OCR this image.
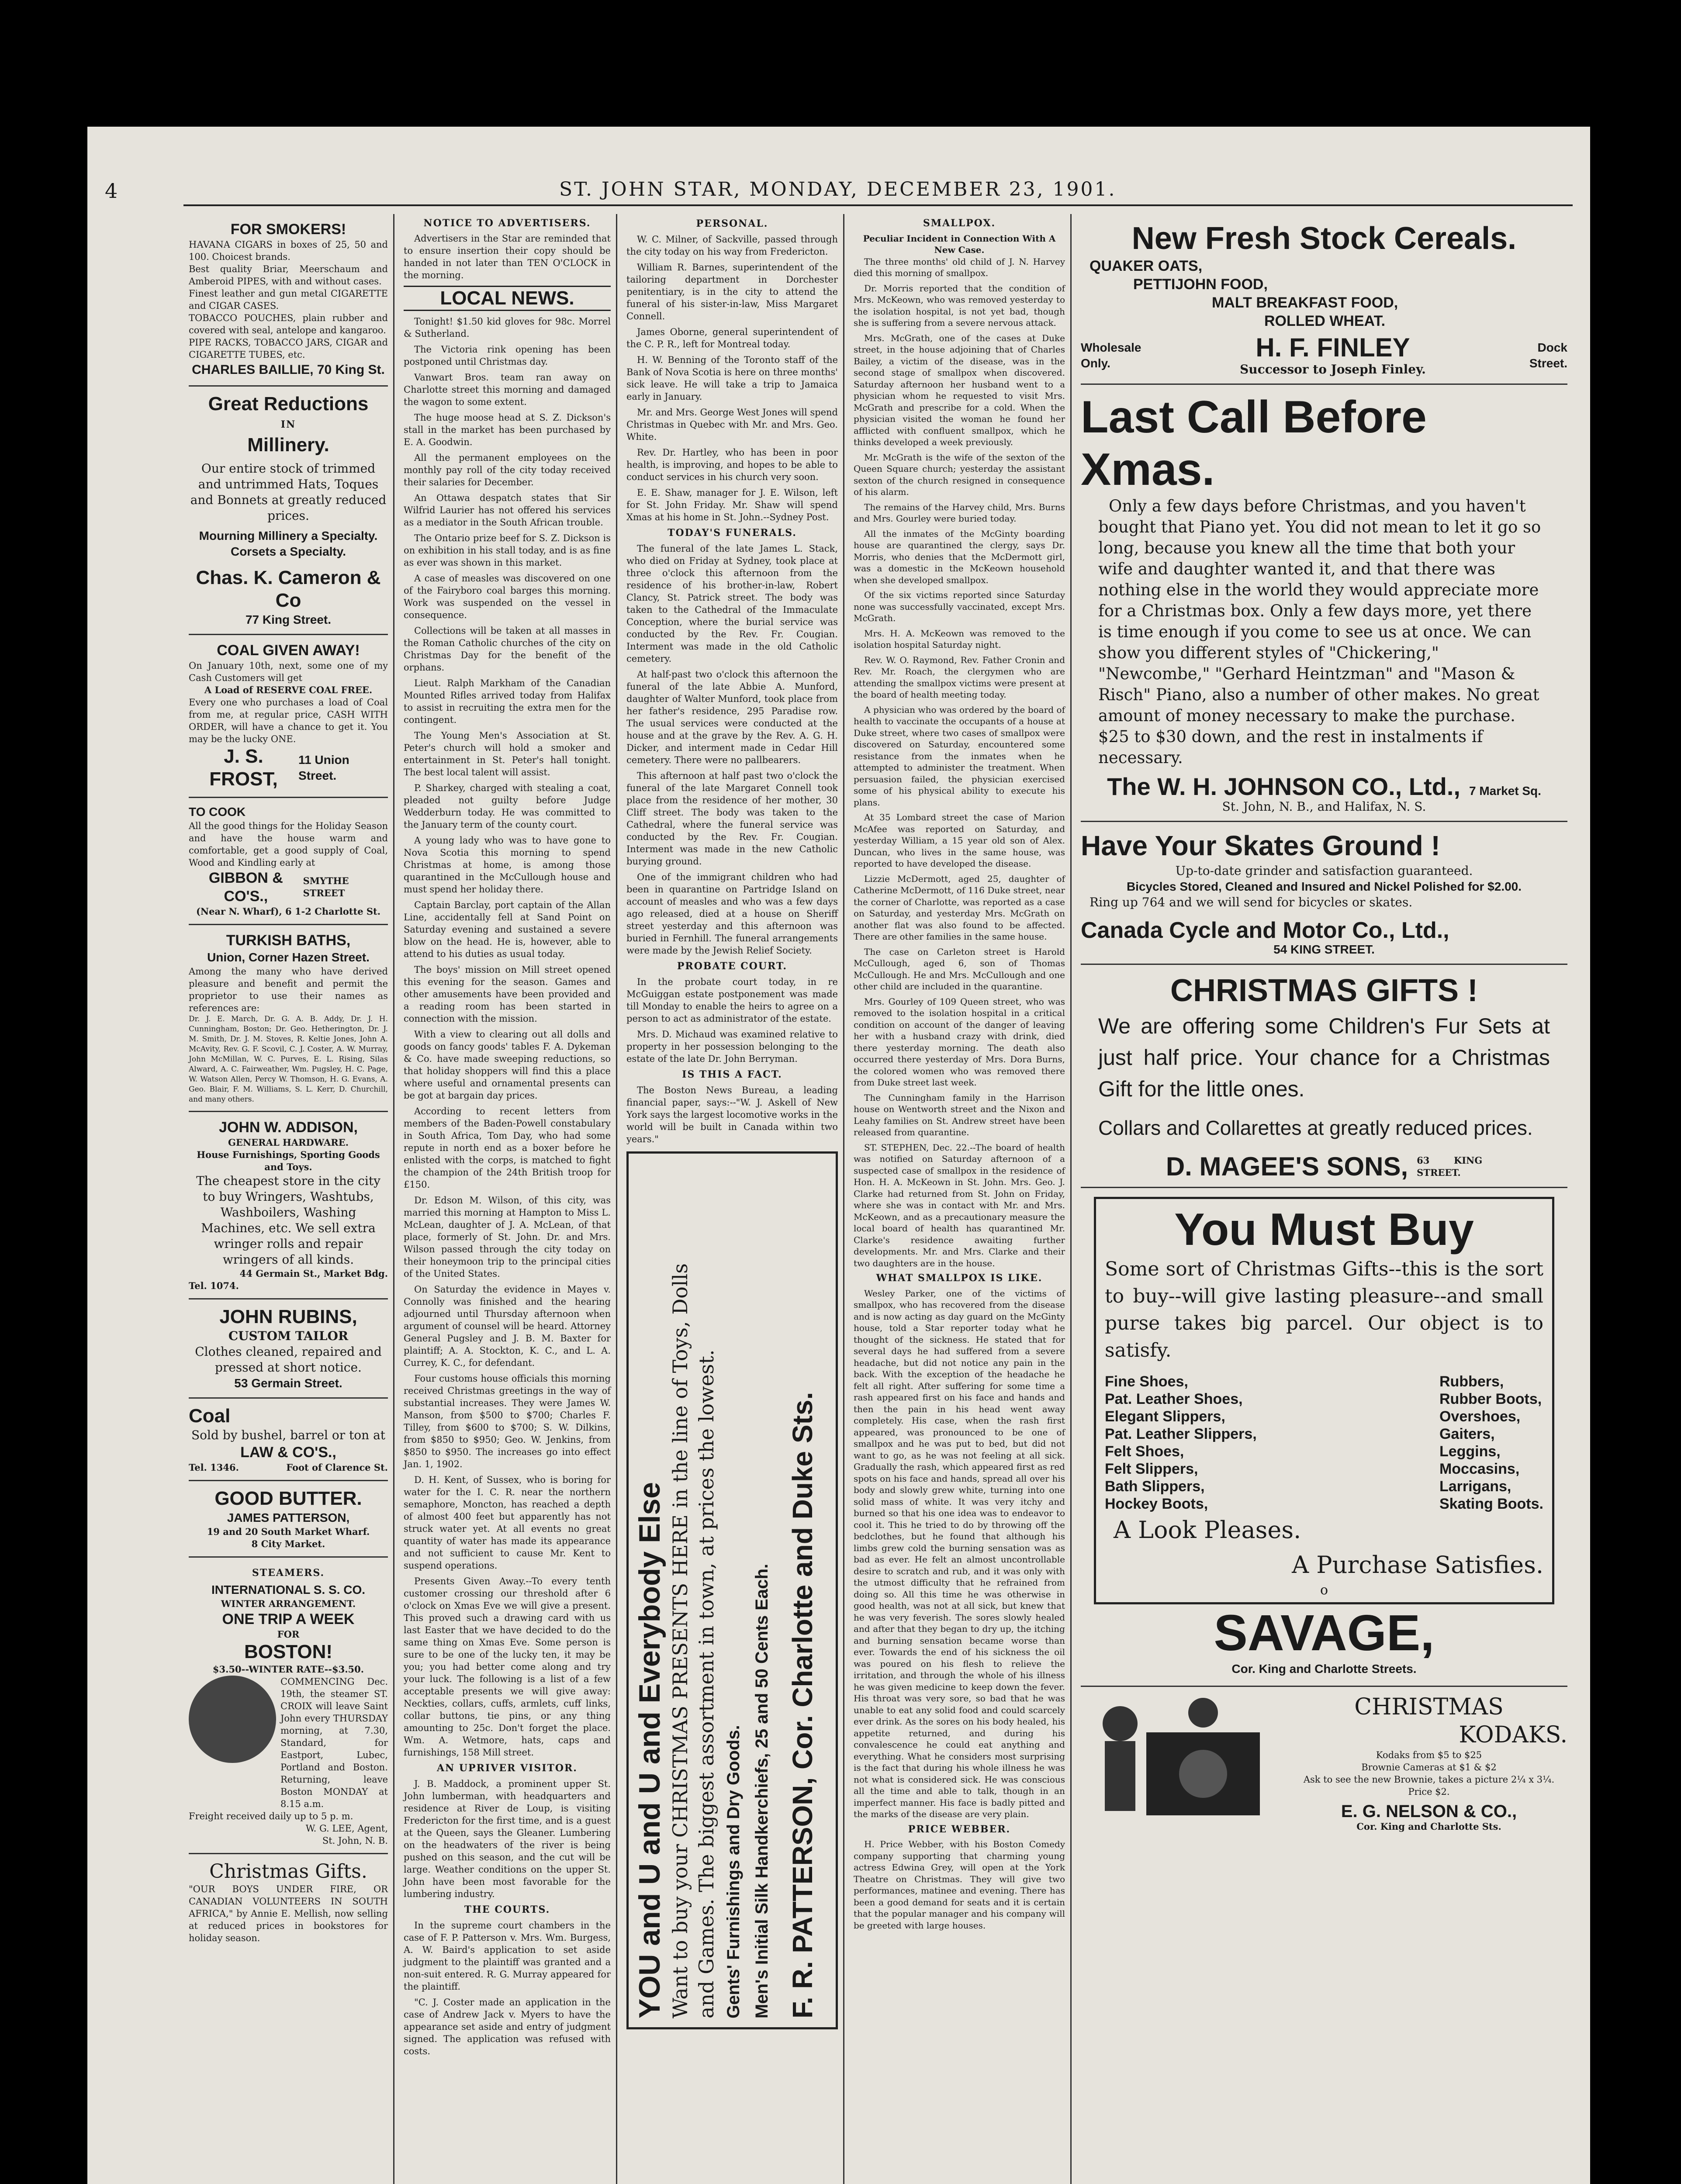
4	ST. JOHN STAR, MONDAY, DECEMBER 23, 1901.
FOR SMOKERS!
HAVANA CIGARS in boxes of 25, 50 and 100. Choicest brands.
Best quality Briar, Meerschaum and Amberoid PIPES, with and without cases.
Finest leather and gun metal CIGARETTE and CIGAR CASES.
TOBACCO POUCHES, plain rubber and covered with seal, antelope and kangaroo.
PIPE RACKS, TOBACCO JARS, CIGAR and CIGARETTE TUBES, etc.
CHARLES BAILLIE, 70 King St.
Great Reductions
IN
Millinery.
Our entire stock of trimmed and untrimmed Hats, Toques and Bonnets at greatly reduced prices.
Mourning Millinery a Specialty.
Corsets a Specialty.
Chas. K. Cameron & Co
77 King Street.
COAL GIVEN AWAY!
On January 10th, next, some one of my Cash Customers will get
A Load of RESERVE COAL FREE.
Every one who purchases a load of Coal from me, at regular price, CASH WITH ORDER, will have a chance to get it. You may be the lucky ONE.
J. S. FROST,
11 Union Street.
TO COOK
All the good things for the Holiday Season and have the house warm and comfortable, get a good supply of Coal, Wood and Kindling early at
GIBBON & CO'S.,
SMYTHE STREET
(Near N. Wharf), 6 1-2 Charlotte St.
TURKISH BATHS,
Union, Corner Hazen Street.
Among the many who have derived pleasure and benefit and permit the proprietor to use their names as references are:
Dr. J. E. March, Dr. G. A. B. Addy, Dr. J. H. Cunningham, Boston; Dr. Geo. Hetherington, Dr. J. M. Smith, Dr. J. M. Stoves, R. Keltie Jones, John A. McAvity, Rev. G. F. Scovil, C. J. Coster, A. W. Murray, John McMillan, W. C. Purves, E. L. Rising, Silas Alward, A. C. Fairweather, Wm. Pugsley, H. C. Page, W. Watson Allen, Percy W. Thomson, H. G. Evans, A. Geo. Blair, F. M. Williams, S. L. Kerr, D. Churchill, and many others.
JOHN W. ADDISON,
GENERAL HARDWARE.
House Furnishings, Sporting Goods and Toys.
The cheapest store in the city to buy Wringers, Washtubs, Washboilers, Washing Machines, etc. We sell extra wringer rolls and repair wringers of all kinds.
44 Germain St., Market Bdg.
Tel. 1074.
JOHN RUBINS,
CUSTOM TAILOR
Clothes cleaned, repaired and pressed at short notice.
53 Germain Street.
Coal
Sold by bushel, barrel or ton at
LAW & CO'S.,
Tel. 1346.	Foot of Clarence St.
GOOD BUTTER.
JAMES PATTERSON,
19 and 20 South Market Wharf.
8 City Market.
STEAMERS.
INTERNATIONAL S. S. CO.
WINTER ARRANGEMENT.
ONE TRIP A WEEK
FOR
BOSTON!
$3.50--WINTER RATE--$3.50.
COMMENCING Dec. 19th, the steamer ST. CROIX will leave Saint John every THURSDAY morning, at 7.30, Standard, for Eastport, Lubec, Portland and Boston. Returning, leave Boston MONDAY at 8.15 a.m.
Freight received daily up to 5 p. m.
W. G. LEE, Agent,
St. John, N. B.
Christmas Gifts.
"OUR BOYS UNDER FIRE, OR CANADIAN VOLUNTEERS IN SOUTH AFRICA," by Annie E. Mellish, now selling at reduced prices in bookstores for holiday season.
NOTICE TO ADVERTISERS.
Advertisers in the Star are reminded that to ensure insertion their copy should be handed in not later than TEN O'CLOCK in the morning.
LOCAL NEWS.

Tonight! $1.50 kid gloves for 98c. Morrel & Sutherland.

The Victoria rink opening has been postponed until Christmas day.

Vanwart Bros. team ran away on Charlotte street this morning and damaged the wagon to some extent.

The huge moose head at S. Z. Dickson's stall in the market has been purchased by E. A. Goodwin.

All the permanent employees on the monthly pay roll of the city today received their salaries for December.

An Ottawa despatch states that Sir Wilfrid Laurier has not offered his services as a mediator in the South African trouble.

The Ontario prize beef for S. Z. Dickson is on exhibition in his stall today, and is as fine as ever was shown in this market.

A case of measles was discovered on one of the Fairyboro coal barges this morning. Work was suspended on the vessel in consequence.

Collections will be taken at all masses in the Roman Catholic churches of the city on Christmas Day for the benefit of the orphans.

Lieut. Ralph Markham of the Canadian Mounted Rifles arrived today from Halifax to assist in recruiting the extra men for the contingent.

The Young Men's Association at St. Peter's church will hold a smoker and entertainment in St. Peter's hall tonight. The best local talent will assist.

P. Sharkey, charged with stealing a coat, pleaded not guilty before Judge Wedderburn today. He was committed to the January term of the county court.

A young lady who was to have gone to Nova Scotia this morning to spend Christmas at home, is among those quarantined in the McCullough house and must spend her holiday there.

Captain Barclay, port captain of the Allan Line, accidentally fell at Sand Point on Saturday evening and sustained a severe blow on the head. He is, however, able to attend to his duties as usual today.

The boys' mission on Mill street opened this evening for the season. Games and other amusements have been provided and a reading room has been started in connection with the mission.

With a view to clearing out all dolls and goods on fancy goods' tables F. A. Dykeman & Co. have made sweeping reductions, so that holiday shoppers will find this a place where useful and ornamental presents can be got at bargain day prices.

According to recent letters from members of the Baden-Powell constabulary in South Africa, Tom Day, who had some repute in north end as a boxer before he enlisted with the corps, is matched to fight the champion of the 24th British troop for £150.

Dr. Edson M. Wilson, of this city, was married this morning at Hampton to Miss L. McLean, daughter of J. A. McLean, of that place, formerly of St. John. Dr. and Mrs. Wilson passed through the city today on their honeymoon trip to the principal cities of the United States.

On Saturday the evidence in Mayes v. Connolly was finished and the hearing adjourned until Thursday afternoon when argument of counsel will be heard. Attorney General Pugsley and J. B. M. Baxter for plaintiff; A. A. Stockton, K. C., and L. A. Currey, K. C., for defendant.

Four customs house officials this morning received Christmas greetings in the way of substantial increases. They were James W. Manson, from $500 to $700; Charles F. Tilley, from $600 to $700; S. W. Dilkins, from $850 to $950; Geo. W. Jenkins, from $850 to $950. The increases go into effect Jan. 1, 1902.

D. H. Kent, of Sussex, who is boring for water for the I. C. R. near the northern semaphore, Moncton, has reached a depth of almost 400 feet but apparently has not struck water yet. At all events no great quantity of water has made its appearance and not sufficient to cause Mr. Kent to suspend operations.

Presents Given Away.--To every tenth customer crossing our threshold after 6 o'clock on Xmas Eve we will give a present. This proved such a drawing card with us last Easter that we have decided to do the same thing on Xmas Eve. Some person is sure to be one of the lucky ten, it may be you; you had better come along and try your luck. The following is a list of a few acceptable presents we will give away: Neckties, collars, cuffs, armlets, cuff links, collar buttons, tie pins, or any thing amounting to 25c. Don't forget the place. Wm. A. Wetmore, hats, caps and furnishings, 158 Mill street.

AN UPRIVER VISITOR.

J. B. Maddock, a prominent upper St. John lumberman, with headquarters and residence at River de Loup, is visiting Fredericton for the first time, and is a guest at the Queen, says the Gleaner. Lumbering on the headwaters of the river is being pushed on this season, and the cut will be large. Weather conditions on the upper St. John have been most favorable for the lumbering industry.

THE COURTS.

In the supreme court chambers in the case of F. P. Patterson v. Mrs. Wm. Burgess, A. W. Baird's application to set aside judgment to the plaintiff was granted and a non-suit entered. R. G. Murray appeared for the plaintiff.

"C. J. Coster made an application in the case of Andrew Jack v. Myers to have the appearance set aside and entry of judgment signed. The application was refused with costs.

PERSONAL.

W. C. Milner, of Sackville, passed through the city today on his way from Fredericton.

William R. Barnes, superintendent of the tailoring department in Dorchester penitentiary, is in the city to attend the funeral of his sister-in-law, Miss Margaret Connell.

James Oborne, general superintendent of the C. P. R., left for Montreal today.

H. W. Benning of the Toronto staff of the Bank of Nova Scotia is here on three months' sick leave. He will take a trip to Jamaica early in January.

Mr. and Mrs. George West Jones will spend Christmas in Quebec with Mr. and Mrs. Geo. White.

Rev. Dr. Hartley, who has been in poor health, is improving, and hopes to be able to conduct services in his church very soon.

E. E. Shaw, manager for J. E. Wilson, left for St. John Friday. Mr. Shaw will spend Xmas at his home in St. John.--Sydney Post.

TODAY'S FUNERALS.

The funeral of the late James L. Stack, who died on Friday at Sydney, took place at three o'clock this afternoon from the residence of his brother-in-law, Robert Clancy, St. Patrick street. The body was taken to the Cathedral of the Immaculate Conception, where the burial service was conducted by the Rev. Fr. Cougian. Interment was made in the old Catholic cemetery.

At half-past two o'clock this afternoon the funeral of the late Abbie A. Munford, daughter of Walter Munford, took place from her father's residence, 295 Paradise row. The usual services were conducted at the house and at the grave by the Rev. A. G. H. Dicker, and interment made in Cedar Hill cemetery. There were no pallbearers.

This afternoon at half past two o'clock the funeral of the late Margaret Connell took place from the residence of her mother, 30 Cliff street. The body was taken to the Cathedral, where the funeral service was conducted by the Rev. Fr. Cougian. Interment was made in the new Catholic burying ground.

One of the immigrant children who had been in quarantine on Partridge Island on account of measles and who was a few days ago released, died at a house on Sheriff street yesterday and this afternoon was buried in Fernhill. The funeral arrangements were made by the Jewish Relief Society.

PROBATE COURT.

In the probate court today, in re McGuiggan estate postponement was made till Monday to enable the heirs to agree on a person to act as administrator of the estate.

Mrs. D. Michaud was examined relative to property in her possession belonging to the estate of the late Dr. John Berryman.

IS THIS A FACT.

The Boston News Bureau, a leading financial paper, says:--"W. J. Askell of New York says the largest locomotive works in the world will be built in Canada within two years."

YOU and U and U and Everybody Else Want to buy your CHRISTMAS PRESENTS HERE in the line of Toys, Dolls and Games. The biggest assortment in town, at prices the lowest. Gents' Furnishings and Dry Goods. Men's Initial Silk Handkerchiefs, 25 and 50 Cents Each. F. R. PATTERSON, Cor. Charlotte and Duke Sts.
SMALLPOX.
Peculiar Incident in Connection With A New Case.

The three months' old child of J. N. Harvey died this morning of smallpox.

Dr. Morris reported that the condition of Mrs. McKeown, who was removed yesterday to the isolation hospital, is not yet bad, though she is suffering from a severe nervous attack.

Mrs. McGrath, one of the cases at Duke street, in the house adjoining that of Charles Bailey, a victim of the disease, was in the second stage of smallpox when discovered. Saturday afternoon her husband went to a physician whom he requested to visit Mrs. McGrath and prescribe for a cold. When the physician visited the woman he found her afflicted with confluent smallpox, which he thinks developed a week previously.

Mr. McGrath is the wife of the sexton of the Queen Square church; yesterday the assistant sexton of the church resigned in consequence of his alarm.

The remains of the Harvey child, Mrs. Burns and Mrs. Gourley were buried today.

All the inmates of the McGinty boarding house are quarantined the clergy, says Dr. Morris, who denies that the McDermott girl, was a domestic in the McKeown household when she developed smallpox.

Of the six victims reported since Saturday none was successfully vaccinated, except Mrs. McGrath.

Mrs. H. A. McKeown was removed to the isolation hospital Saturday night.

Rev. W. O. Raymond, Rev. Father Cronin and Rev. Mr. Roach, the clergymen who are attending the smallpox victims were present at the board of health meeting today.

A physician who was ordered by the board of health to vaccinate the occupants of a house at Duke street, where two cases of smallpox were discovered on Saturday, encountered some resistance from the inmates when he attempted to administer the treatment. When persuasion failed, the physician exercised some of his physical ability to execute his plans.

At 35 Lombard street the case of Marion McAfee was reported on Saturday, and yesterday William, a 15 year old son of Alex. Duncan, who lives in the same house, was reported to have developed the disease.

Lizzie McDermott, aged 25, daughter of Catherine McDermott, of 116 Duke street, near the corner of Charlotte, was reported as a case on Saturday, and yesterday Mrs. McGrath on another flat was also found to be affected. There are other families in the same house.

The case on Carleton street is Harold McCullough, aged 6, son of Thomas McCullough. He and Mrs. McCullough and one other child are included in the quarantine.

Mrs. Gourley of 109 Queen street, who was removed to the isolation hospital in a critical condition on account of the danger of leaving her with a husband crazy with drink, died there yesterday morning. The death also occurred there yesterday of Mrs. Dora Burns, the colored women who was removed there from Duke street last week.

The Cunningham family in the Harrison house on Wentworth street and the Nixon and Leahy families on St. Andrew street have been released from quarantine.

ST. STEPHEN, Dec. 22.--The board of health was notified on Saturday afternoon of a suspected case of smallpox in the residence of Hon. H. A. McKeown in St. John. Mrs. Geo. J. Clarke had returned from St. John on Friday, where she was in contact with Mr. and Mrs. McKeown, and as a precautionary measure the local board of health has quarantined Mr. Clarke's residence awaiting further developments. Mr. and Mrs. Clarke and their two daughters are in the house.

WHAT SMALLPOX IS LIKE.

Wesley Parker, one of the victims of smallpox, who has recovered from the disease and is now acting as day guard on the McGinty house, told a Star reporter today what he thought of the sickness. He stated that for several days he had suffered from a severe headache, but did not notice any pain in the back. With the exception of the headache he felt all right. After suffering for some time a rash appeared first on his face and hands and then the pain in his head went away completely. His case, when the rash first appeared, was pronounced to be one of smallpox and he was put to bed, but did not want to go, as he was not feeling at all sick. Gradually the rash, which appeared first as red spots on his face and hands, spread all over his body and slowly grew white, turning into one solid mass of white. It was very itchy and burned so that his one idea was to endeavor to cool it. This he tried to do by throwing off the bedclothes, but he found that although his limbs grew cold the burning sensation was as bad as ever. He felt an almost uncontrollable desire to scratch and rub, and it was only with the utmost difficulty that he refrained from doing so. All this time he was otherwise in good health, was not at all sick, but knew that he was very feverish. The sores slowly healed and after that they began to dry up, the itching and burning sensation became worse than ever. Towards the end of his sickness the oil was poured on his flesh to relieve the irritation, and through the whole of his illness he was given medicine to keep down the fever. His throat was very sore, so bad that he was unable to eat any solid food and could scarcely ever drink. As the sores on his body healed, his appetite returned, and during his convalescence he could eat anything and everything. What he considers most surprising is the fact that during his whole illness he was not what is considered sick. He was conscious all the time and able to talk, though in an imperfect manner. His face is badly pitted and the marks of the disease are very plain.

PRICE WEBBER.

H. Price Webber, with his Boston Comedy company supporting that charming young actress Edwina Grey, will open at the York Theatre on Christmas. They will give two performances, matinee and evening. There has been a good demand for seats and it is certain that the popular manager and his company will be greeted with large houses.

New Fresh Stock Cereals.
QUAKER OATS,
PETTIJOHN FOOD,
MALT BREAKFAST FOOD,
ROLLED WHEAT.
Wholesale Only.
H. F. FINLEY
Successor to Joseph Finley.
Dock Street.
Last Call Before Xmas.
Only a few days before Christmas, and you haven't bought that Piano yet. You did not mean to let it go so long, because you knew all the time that both your wife and daughter wanted it, and that there was nothing else in the world they would appreciate more for a Christmas box. Only a few days more, yet there is time enough if you come to see us at once. We can show you different styles of "Chickering," "Newcombe," "Gerhard Heintzman" and "Mason & Risch" Piano, also a number of other makes. No great amount of money necessary to make the purchase. $25 to $30 down, and the rest in instalments if necessary.
The W. H. JOHNSON CO., Ltd., 7 Market Sq.
St. John, N. B., and Halifax, N. S.
Have Your Skates Ground !
Up-to-date grinder and satisfaction guaranteed.
Bicycles Stored, Cleaned and Insured and Nickel Polished for $2.00.
Ring up 764 and we will send for bicycles or skates.
Canada Cycle and Motor Co., Ltd.,
54 KING STREET.
CHRISTMAS GIFTS !
We are offering some Children's Fur Sets at just half price. Your chance for a Christmas Gift for the little ones.
Collars and Collarettes at greatly reduced prices.
D. MAGEE'S SONS, 63 KING STREET.
You Must Buy
Some sort of Christmas Gifts--this is the sort to buy--will give lasting pleasure--and small purse takes big parcel. Our object is to satisfy.
Fine Shoes,
Pat. Leather Shoes,
Elegant Slippers,
Pat. Leather Slippers,
Felt Shoes,
Felt Slippers,
Bath Slippers,
Hockey Boots,
Rubbers,
Rubber Boots,
Overshoes,
Gaiters,
Leggins,
Moccasins,
Larrigans,
Skating Boots.
A Look Pleases.
A Purchase Satisfies.
o
SAVAGE,
Cor. King and Charlotte Streets.
CHRISTMAS
KODAKS.
Kodaks from $5 to $25
Brownie Cameras at $1 & $2
Ask to see the new Brownie, takes a picture 2¼ x 3¼. Price $2.
E. G. NELSON & CO.,
Cor. King and Charlotte Sts.
